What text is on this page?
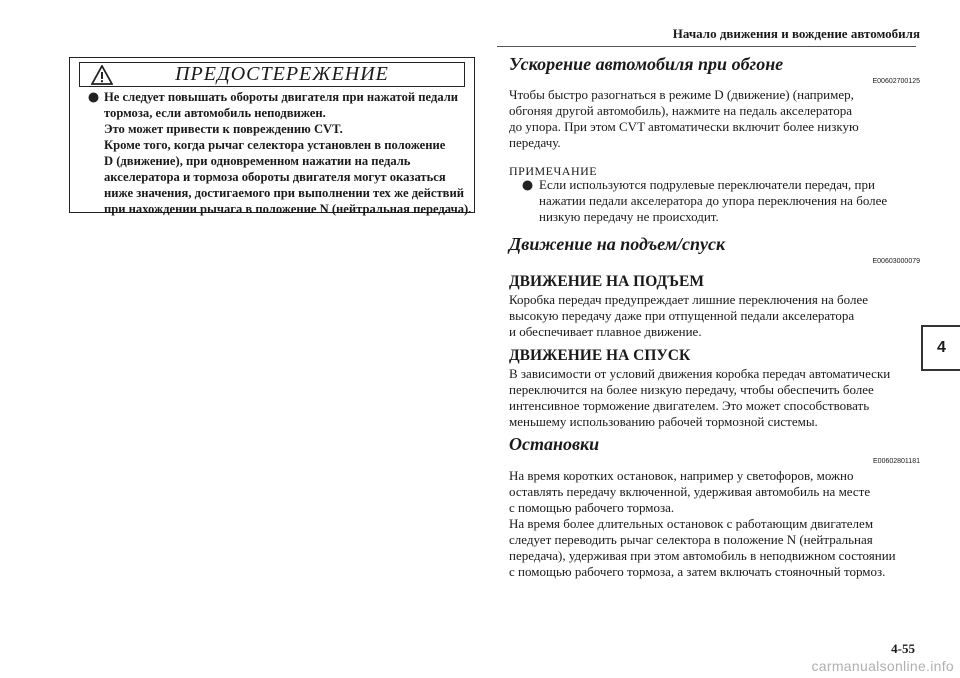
Начало движения и вождение автомобиля
4
ПРЕДОСТЕРЕЖЕНИЕ
Не следует повышать обороты двигателя при нажатой педали
тормоза, если автомобиль неподвижен.
Это может привести к повреждению CVT.
Кроме того, когда рычаг селектора установлен в положение
D (движение), при одновременном нажатии на педаль
акселератора и тормоза обороты двигателя могут оказаться
ниже значения, достигаемого при выполнении тех же действий
при нахождении рычага в положение N (нейтральная передача).
Ускорение автомобиля при обгоне
E00602700125
Чтобы быстро разогнаться в режиме D (движение) (например,
обгоняя другой автомобиль), нажмите на педаль акселератора
до упора. При этом CVT автоматически включит более низкую
передачу.
ПРИМЕЧАНИЕ
Если используются подрулевые переключатели передач, при
нажатии педали акселератора до упора переключения на более
низкую передачу не происходит.
Движение на подъем/спуск
E00603000079
ДВИЖЕНИЕ НА ПОДЪЕМ
Коробка передач предупреждает лишние переключения на более
высокую передачу даже при отпущенной педали акселератора
и обеспечивает плавное движение.
ДВИЖЕНИЕ НА СПУСК
В зависимости от условий движения коробка передач автоматически
переключится на более низкую передачу, чтобы обеспечить более
интенсивное торможение двигателем. Это может способствовать
меньшему использованию рабочей тормозной системы.
Остановки
E00602801181
На время коротких остановок, например у светофоров, можно
оставлять передачу включенной, удерживая автомобиль на месте
с помощью рабочего тормоза.
На время более длительных остановок с работающим двигателем
следует переводить рычаг селектора в положение N (нейтральная
передача), удерживая при этом автомобиль в неподвижном состоянии
с помощью рабочего тормоза, а затем включать стояночный тормоз.
4-55
carmanualsonline.info
